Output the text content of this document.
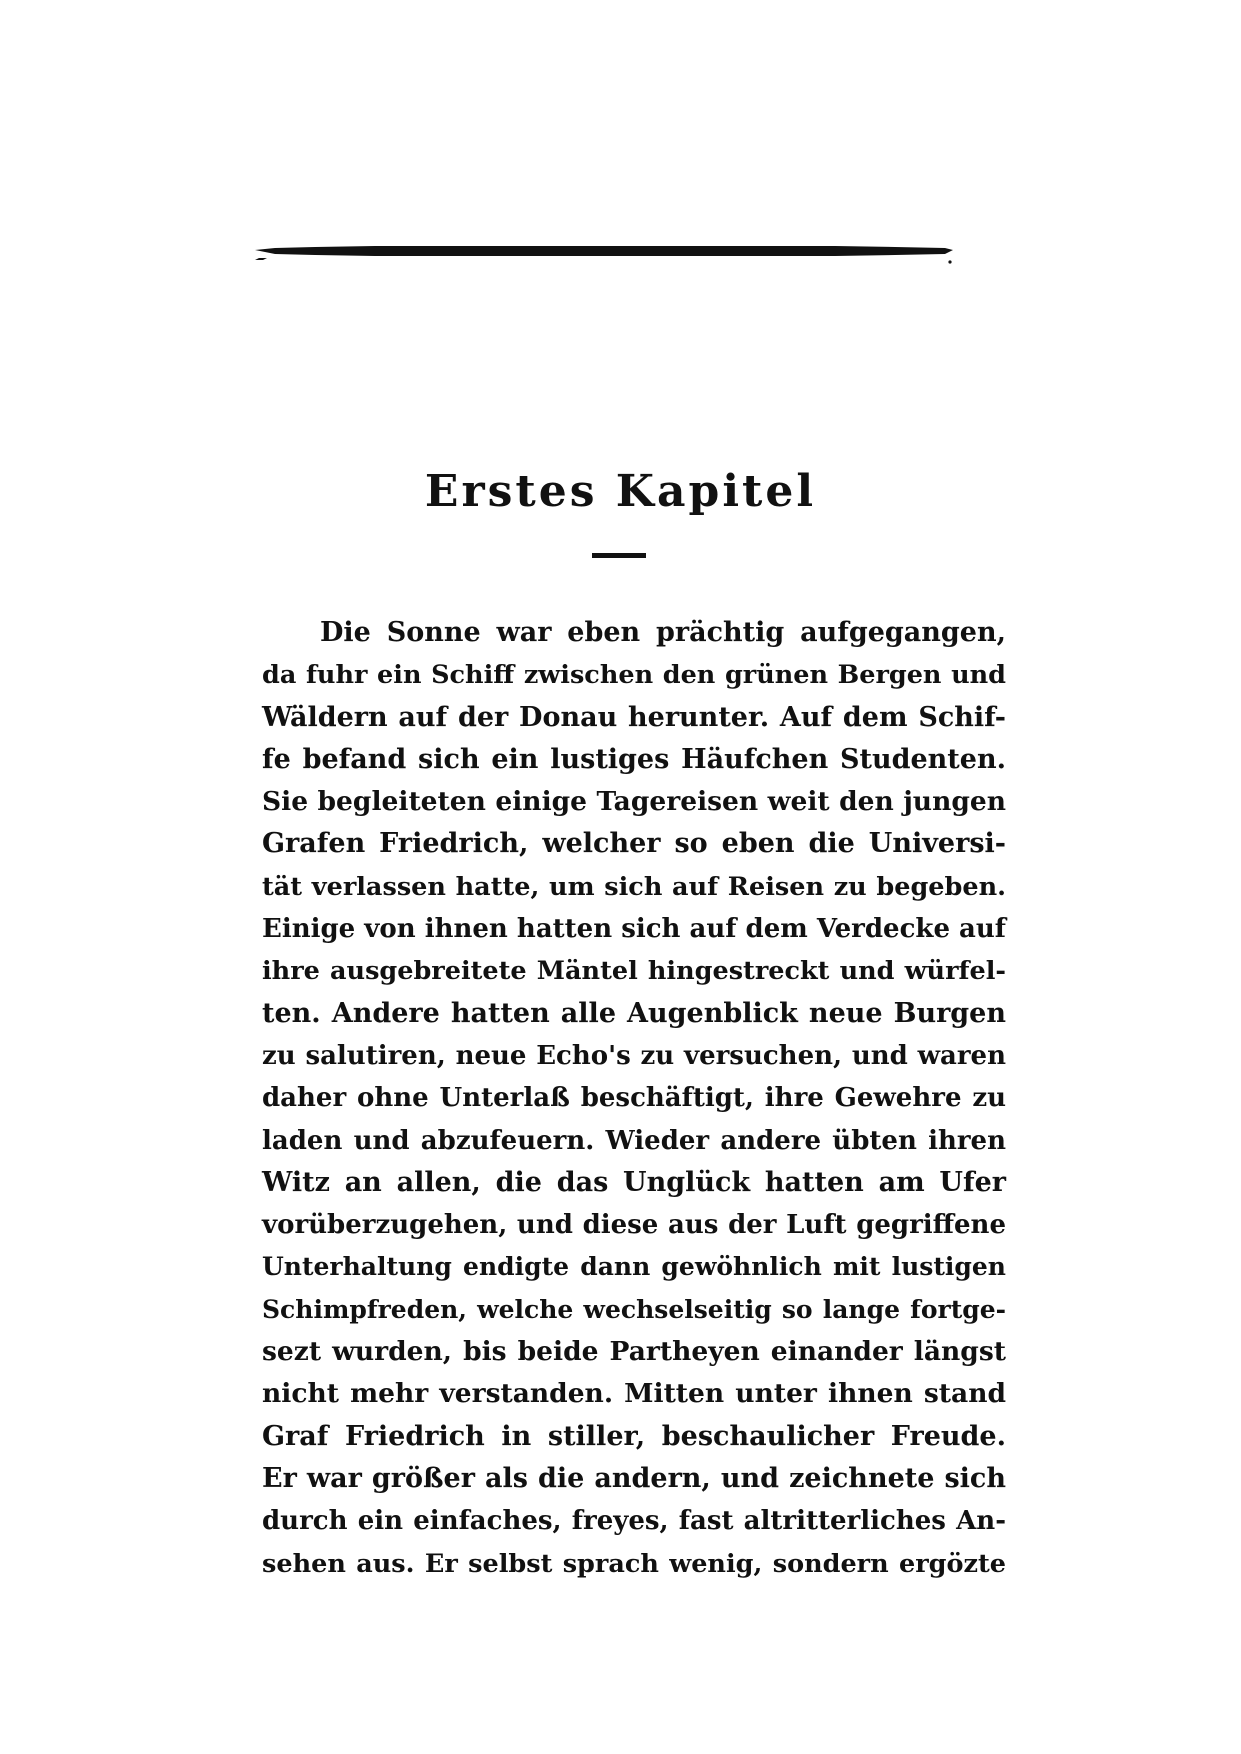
Erstes Kapitel
Die Sonne war eben prächtig aufgegangen,
da fuhr ein Schiff zwischen den grünen Bergen und
Wäldern auf der Donau herunter. Auf dem Schif-
fe befand sich ein lustiges Häufchen Studenten.
Sie begleiteten einige Tagereisen weit den jungen
Grafen Friedrich, welcher so eben die Universi-
tät verlassen hatte, um sich auf Reisen zu begeben.
Einige von ihnen hatten sich auf dem Verdecke auf
ihre ausgebreitete Mäntel hingestreckt und würfel-
ten. Andere hatten alle Augenblick neue Burgen
zu salutiren, neue Echo's zu versuchen, und waren
daher ohne Unterlaß beschäftigt, ihre Gewehre zu
laden und abzufeuern. Wieder andere übten ihren
Witz an allen, die das Unglück hatten am Ufer
vorüberzugehen, und diese aus der Luft gegriffene
Unterhaltung endigte dann gewöhnlich mit lustigen
Schimpfreden, welche wechselseitig so lange fortge-
sezt wurden, bis beide Partheyen einander längst
nicht mehr verstanden. Mitten unter ihnen stand
Graf Friedrich in stiller, beschaulicher Freude.
Er war größer als die andern, und zeichnete sich
durch ein einfaches, freyes, fast altritterliches An-
sehen aus. Er selbst sprach wenig, sondern ergözte
